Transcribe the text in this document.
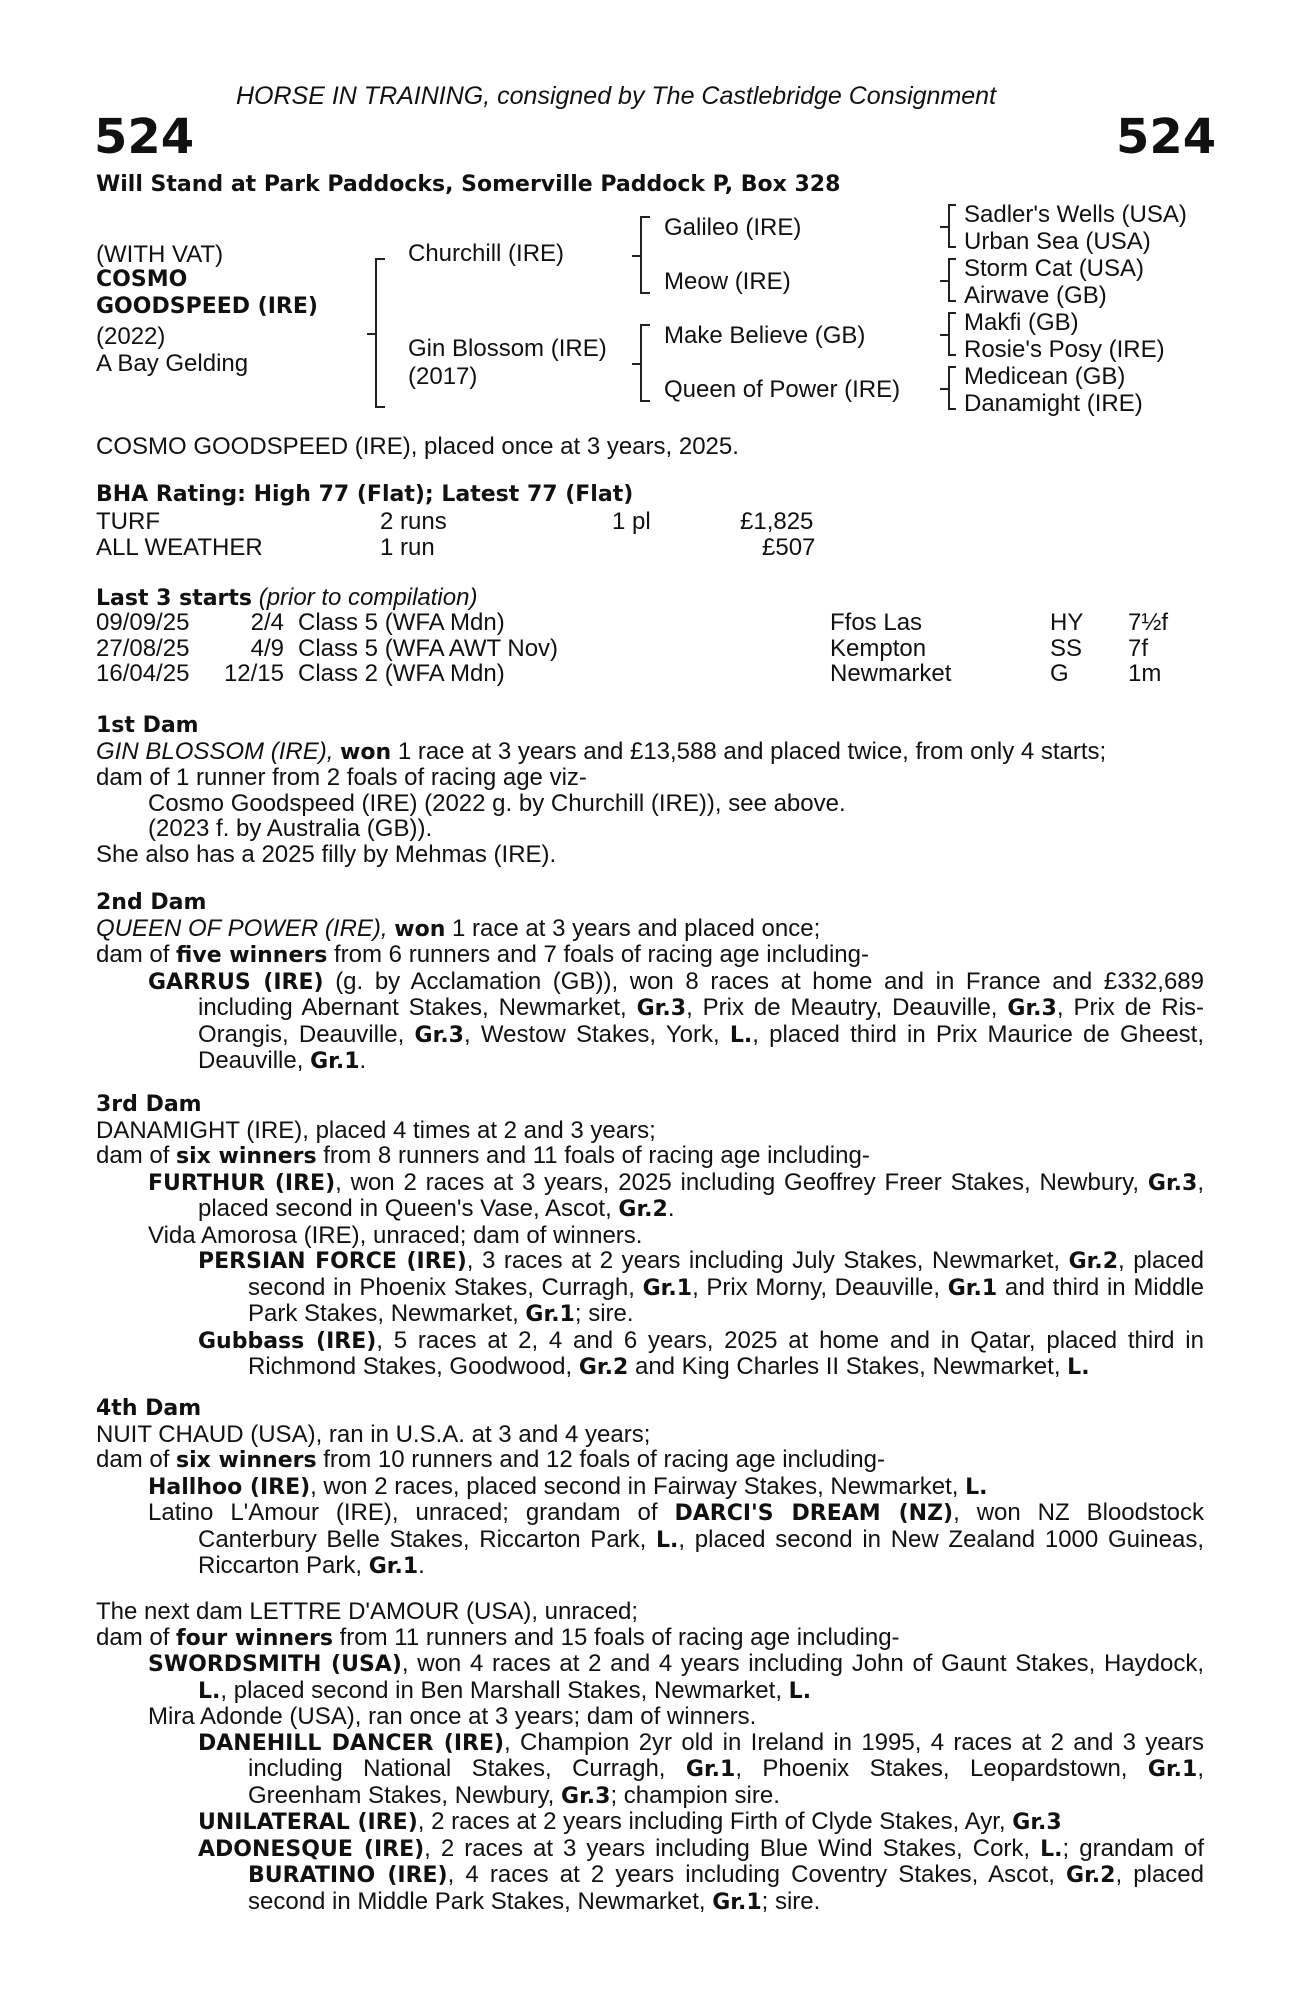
HORSE IN TRAINING, consigned by The Castlebridge Consignment
524	524
Will Stand at Park Paddocks, Somerville Paddock P, Box 328
(WITH VAT)
COSMO
GOODSPEED (IRE)
(2022)
A Bay Gelding
Churchill (IRE)
Gin Blossom (IRE)
(2017)
Galileo (IRE)
Meow (IRE)
Make Believe (GB)
Queen of Power (IRE)
Sadler's Wells (USA)
Urban Sea (USA)
Storm Cat (USA)
Airwave (GB)
Makfi (GB)
Rosie's Posy (IRE)
Medicean (GB)
Danamight (IRE)
COSMO GOODSPEED (IRE), placed once at 3 years, 2025.
BHA Rating: High 77 (Flat); Latest 77 (Flat)
TURF	2 runs	1 pl	£1,825
ALL WEATHER	1 run	£507
Last 3 starts (prior to compilation)
09/09/25	2/4	Class 5 (WFA Mdn)	Ffos Las	HY	7½f
27/08/25	4/9	Class 5 (WFA AWT Nov)	Kempton	SS	7f
16/04/25	12/15	Class 2 (WFA Mdn)	Newmarket	G	1m

1st Dam

GIN BLOSSOM (IRE), won 1 race at 3 years and £13,588 and placed twice, from only 4 starts;

dam of 1 runner from 2 foals of racing age viz-

Cosmo Goodspeed (IRE) (2022 g. by Churchill (IRE)), see above.

(2023 f. by Australia (GB)).

She also has a 2025 filly by Mehmas (IRE).

2nd Dam

QUEEN OF POWER (IRE), won 1 race at 3 years and placed once;

dam of five winners from 6 runners and 7 foals of racing age including-

GARRUS (IRE) (g. by Acclamation (GB)), won 8 races at home and in France and £332,689 including Abernant Stakes, Newmarket, Gr.3, Prix de Meautry, Deauville, Gr.3, Prix de Ris-Orangis, Deauville, Gr.3, Westow Stakes, York, L., placed third in Prix Maurice de Gheest, Deauville, Gr.1.

3rd Dam

DANAMIGHT (IRE), placed 4 times at 2 and 3 years;

dam of six winners from 8 runners and 11 foals of racing age including-

FURTHUR (IRE), won 2 races at 3 years, 2025 including Geoffrey Freer Stakes, Newbury, Gr.3, placed second in Queen's Vase, Ascot, Gr.2.

Vida Amorosa (IRE), unraced; dam of winners.

PERSIAN FORCE (IRE), 3 races at 2 years including July Stakes, Newmarket, Gr.2, placed second in Phoenix Stakes, Curragh, Gr.1, Prix Morny, Deauville, Gr.1 and third in Middle Park Stakes, Newmarket, Gr.1; sire.

Gubbass (IRE), 5 races at 2, 4 and 6 years, 2025 at home and in Qatar, placed third in Richmond Stakes, Goodwood, Gr.2 and King Charles II Stakes, Newmarket, L.

4th Dam

NUIT CHAUD (USA), ran in U.S.A. at 3 and 4 years;

dam of six winners from 10 runners and 12 foals of racing age including-

Hallhoo (IRE), won 2 races, placed second in Fairway Stakes, Newmarket, L.

Latino L'Amour (IRE), unraced; grandam of DARCI'S DREAM (NZ), won NZ Bloodstock Canterbury Belle Stakes, Riccarton Park, L., placed second in New Zealand 1000 Guineas, Riccarton Park, Gr.1.

The next dam LETTRE D'AMOUR (USA), unraced;

dam of four winners from 11 runners and 15 foals of racing age including-

SWORDSMITH (USA), won 4 races at 2 and 4 years including John of Gaunt Stakes, Haydock, L., placed second in Ben Marshall Stakes, Newmarket, L.

Mira Adonde (USA), ran once at 3 years; dam of winners.

DANEHILL DANCER (IRE), Champion 2yr old in Ireland in 1995, 4 races at 2 and 3 years including National Stakes, Curragh, Gr.1, Phoenix Stakes, Leopardstown, Gr.1, Greenham Stakes, Newbury, Gr.3; champion sire.

UNILATERAL (IRE), 2 races at 2 years including Firth of Clyde Stakes, Ayr, Gr.3

ADONESQUE (IRE), 2 races at 3 years including Blue Wind Stakes, Cork, L.; grandam of BURATINO (IRE), 4 races at 2 years including Coventry Stakes, Ascot, Gr.2, placed second in Middle Park Stakes, Newmarket, Gr.1; sire.
